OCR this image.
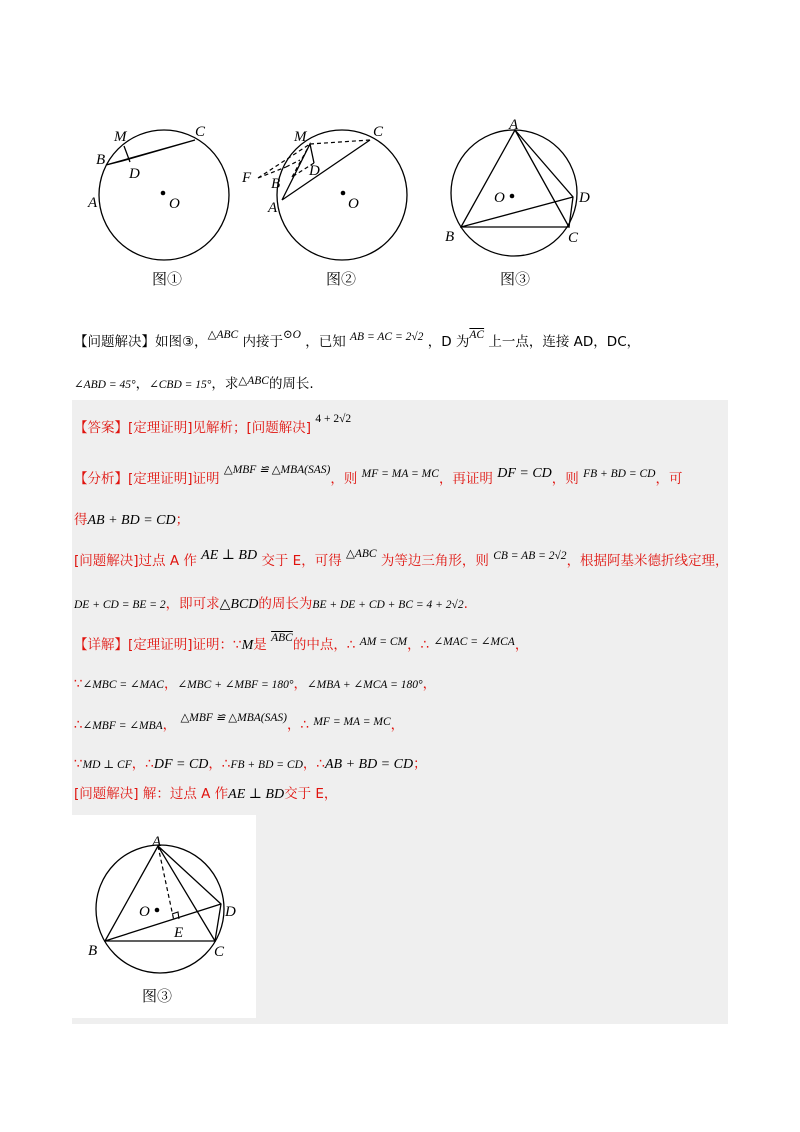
M	C
B
D
A	O
图①
M	C
F B
D
A	O
图②
A
O	D
B	C
图③
【问题解决】如图③，△ABC 内接于⊙O ，已知 AB = AC = 2√2 ，D 为$\overline{AC}$ 上一点，连接 AD，DC，
∠ABD = 45°，∠CBD = 15°，求△ABC的周长.
【答案】[定理证明]见解析；[问题解决] 4 + 2√2
【分析】[定理证明]证明 △MBF ≌ △MBA(SAS)，则 MF = MA = MC，再证明 DF = CD，则 FB + BD = CD，可
得AB + BD = CD；
[问题解决]过点 A 作 AE ⊥ BD 交于 E，可得 △ABC 为等边三角形，则 CB = AB = 2√2，根据阿基米德折线定理，
DE + CD = BE = 2，即可求△BCD的周长为BE + DE + CD + BC = 4 + 2√2.
【详解】[定理证明]证明：∵M是 $\overline{ABC}$的中点，∴ AM = CM，∴ ∠MAC = ∠MCA，
∵∠MBC = ∠MAC，∠MBC + ∠MBF = 180°，∠MBA + ∠MCA = 180°，
∴∠MBF = ∠MBA， △MBF ≌ △MBA(SAS)，∴ MF = MA = MC，
∵MD ⊥ CF，∴DF = CD，∴FB + BD = CD，∴AB + BD = CD；
[问题解决] 解：过点 A 作AE ⊥ BD交于 E，
A
O	D
E
B	C
图③
